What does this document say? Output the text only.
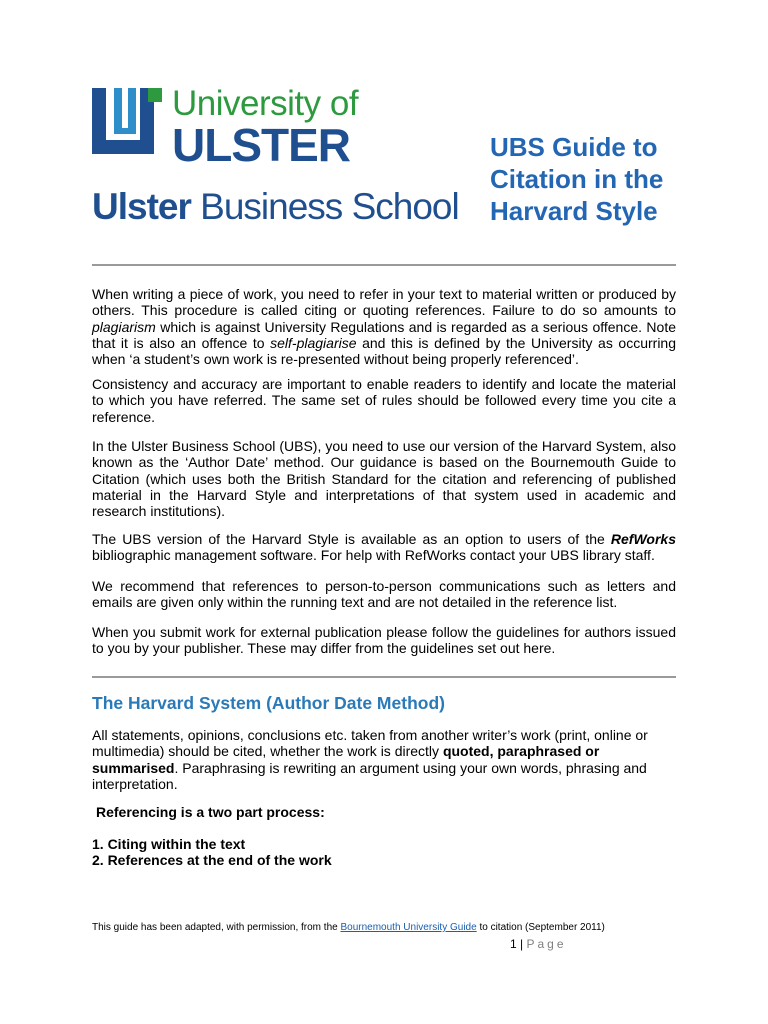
University of
ULSTER
Ulster Business School
UBS Guide to
Citation in the
Harvard Style
When writing a piece of work, you need to refer in your text to material written or produced by others. This procedure is called citing or quoting references. Failure to do so amounts to plagiarism which is against University Regulations and is regarded as a serious offence. Note that it is also an offence to self-plagiarise and this is defined by the University as occurring when ‘a student’s own work is re-presented without being properly referenced’.
Consistency and accuracy are important to enable readers to identify and locate the material to which you have referred. The same set of rules should be followed every time you cite a reference.
In the Ulster Business School (UBS), you need to use our version of the Harvard System, also known as the ‘Author Date’ method. Our guidance is based on the Bournemouth Guide to Citation (which uses both the British Standard for the citation and referencing of published material in the Harvard Style and interpretations of that system used in academic and research institutions).
The UBS version of the Harvard Style is available as an option to users of the RefWorks bibliographic management software. For help with RefWorks contact your UBS library staff.
We recommend that references to person-to-person communications such as letters and emails are given only within the running text and are not detailed in the reference list.
When you submit work for external publication please follow the guidelines for authors issued to you by your publisher. These may differ from the guidelines set out here.
The Harvard System (Author Date Method)
All statements, opinions, conclusions etc. taken from another writer’s work (print, online or multimedia) should be cited, whether the work is directly quoted, paraphrased or summarised. Paraphrasing is rewriting an argument using your own words, phrasing and interpretation.
Referencing is a two part process:
1. Citing within the text
2. References at the end of the work
This guide has been adapted, with permission, from the Bournemouth University Guide to citation (September 2011)
1 | Page
